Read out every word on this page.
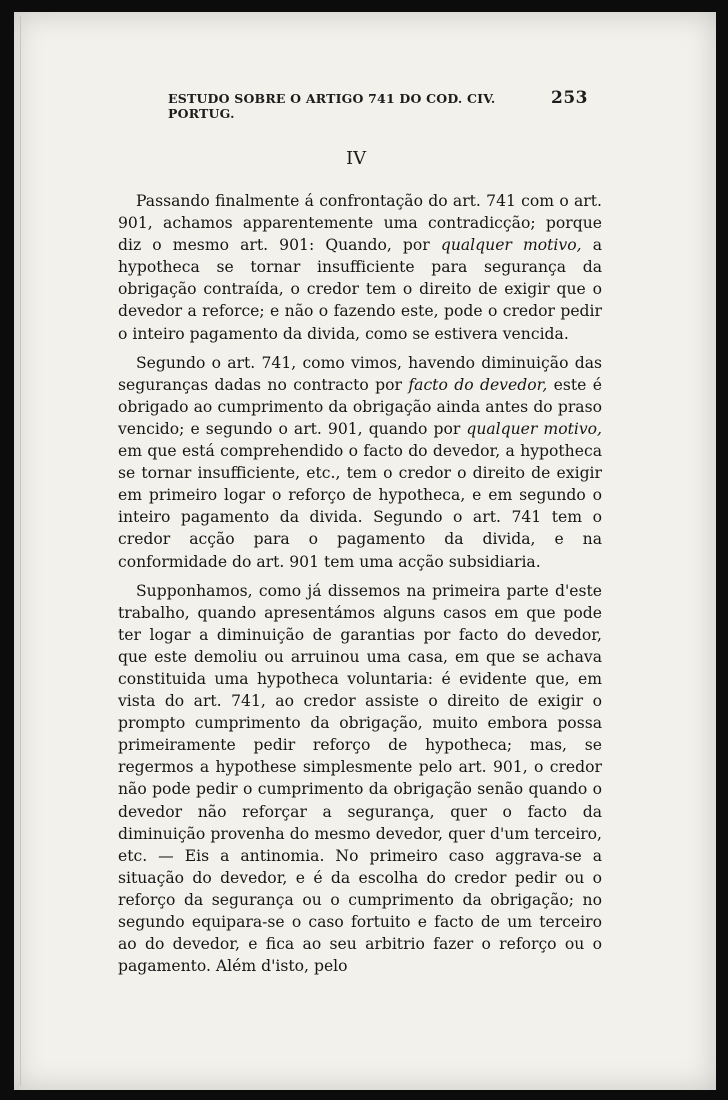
ESTUDO SOBRE O ARTIGO 741 DO COD. CIV. PORTUG.
253
IV

Passando finalmente á confrontação do art. 741 com o art. 901, achamos apparentemente uma contradicção; porque diz o mesmo art. 901: Quando, por qualquer motivo, a hypotheca se tornar insufficiente para segurança da obrigação contraída, o credor tem o direito de exigir que o devedor a reforce; e não o fazendo este, pode o credor pedir o inteiro pagamento da divida, como se estivera vencida.

Segundo o art. 741, como vimos, havendo diminuição das seguranças dadas no contracto por facto do devedor, este é obrigado ao cumprimento da obrigação ainda antes do praso vencido; e segundo o art. 901, quando por qualquer motivo, em que está comprehendido o facto do devedor, a hypotheca se tornar insufficiente, etc., tem o credor o direito de exigir em primeiro logar o reforço de hypotheca, e em segundo o inteiro pagamento da divida. Segundo o art. 741 tem o credor acção para o pagamento da divida, e na conformidade do art. 901 tem uma acção subsidiaria.

Supponhamos, como já dissemos na primeira parte d'este trabalho, quando apresentámos alguns casos em que pode ter logar a diminuição de garantias por facto do devedor, que este demoliu ou arruinou uma casa, em que se achava constituida uma hypotheca voluntaria: é evidente que, em vista do art. 741, ao credor assiste o direito de exigir o prompto cumprimento da obrigação, muito embora possa primeiramente pedir reforço de hypotheca; mas, se regermos a hypothese simplesmente pelo art. 901, o credor não pode pedir o cumprimento da obrigação senão quando o devedor não reforçar a segurança, quer o facto da diminuição provenha do mesmo devedor, quer d'um terceiro, etc. — Eis a antinomia. No primeiro caso aggrava-se a situação do devedor, e é da escolha do credor pedir ou o reforço da segurança ou o cumprimento da obrigação; no segundo equipara-se o caso fortuito e facto de um terceiro ao do devedor, e fica ao seu arbitrio fazer o reforço ou o pagamento. Além d'isto, pelo
